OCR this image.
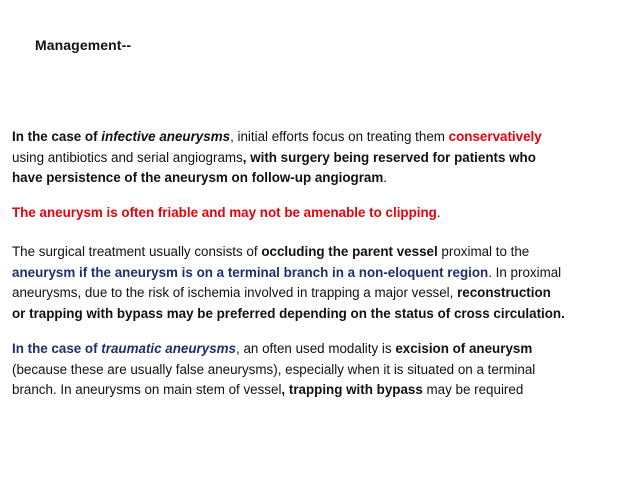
Management--
In the case of infective aneurysms, initial efforts focus on treating them conservatively
using antibiotics and serial angiograms, with surgery being reserved for patients who
have persistence of the aneurysm on follow-up angiogram.
The aneurysm is often friable and may not be amenable to clipping.
The surgical treatment usually consists of occluding the parent vessel proximal to the
aneurysm if the aneurysm is on a terminal branch in a non-eloquent region. In proximal
aneurysms, due to the risk of ischemia involved in trapping a major vessel, reconstruction
or trapping with bypass may be preferred depending on the status of cross circulation.
In the case of traumatic aneurysms, an often used modality is excision of aneurysm
(because these are usually false aneurysms), especially when it is situated on a terminal
branch. In aneurysms on main stem of vessel, trapping with bypass may be required
